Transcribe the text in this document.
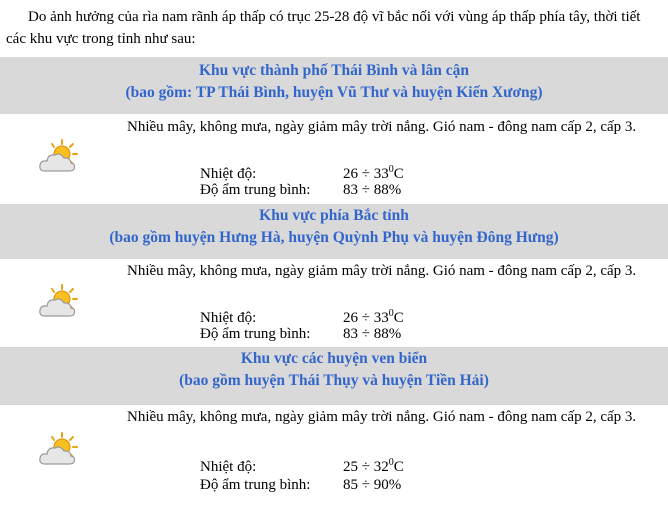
Do ảnh hưởng của rìa nam rãnh áp thấp có trục 25-28 độ vĩ bắc nối với vùng áp thấp phía tây, thời tiết các khu vực trong tỉnh như sau:
Khu vực thành phố Thái Bình và lân cận
(bao gồm: TP Thái Bình, huyện Vũ Thư và huyện Kiến Xương)
Nhiều mây, không mưa, ngày giảm mây trời nắng. Gió nam - đông nam cấp 2, cấp 3.
Nhiệt độ:	$26 \div 33^0C$
Độ ẩm trung bình: 83 ÷ 88%
Khu vực phía Bắc tỉnh
(bao gồm huyện Hưng Hà, huyện Quỳnh Phụ và huyện Đông Hưng)
Nhiều mây, không mưa, ngày giảm mây trời nắng. Gió nam - đông nam cấp 2, cấp 3.
Nhiệt độ:	$26 \div 33^0C$
Độ ẩm trung bình: 83 ÷ 88%
Khu vực các huyện ven biển
(bao gồm huyện Thái Thụy và huyện Tiền Hải)
Nhiều mây, không mưa, ngày giảm mây trời nắng. Gió nam - đông nam cấp 2, cấp 3.
Nhiệt độ:	$25 \div 32^0C$
Độ ẩm trung bình: 85 ÷ 90%
